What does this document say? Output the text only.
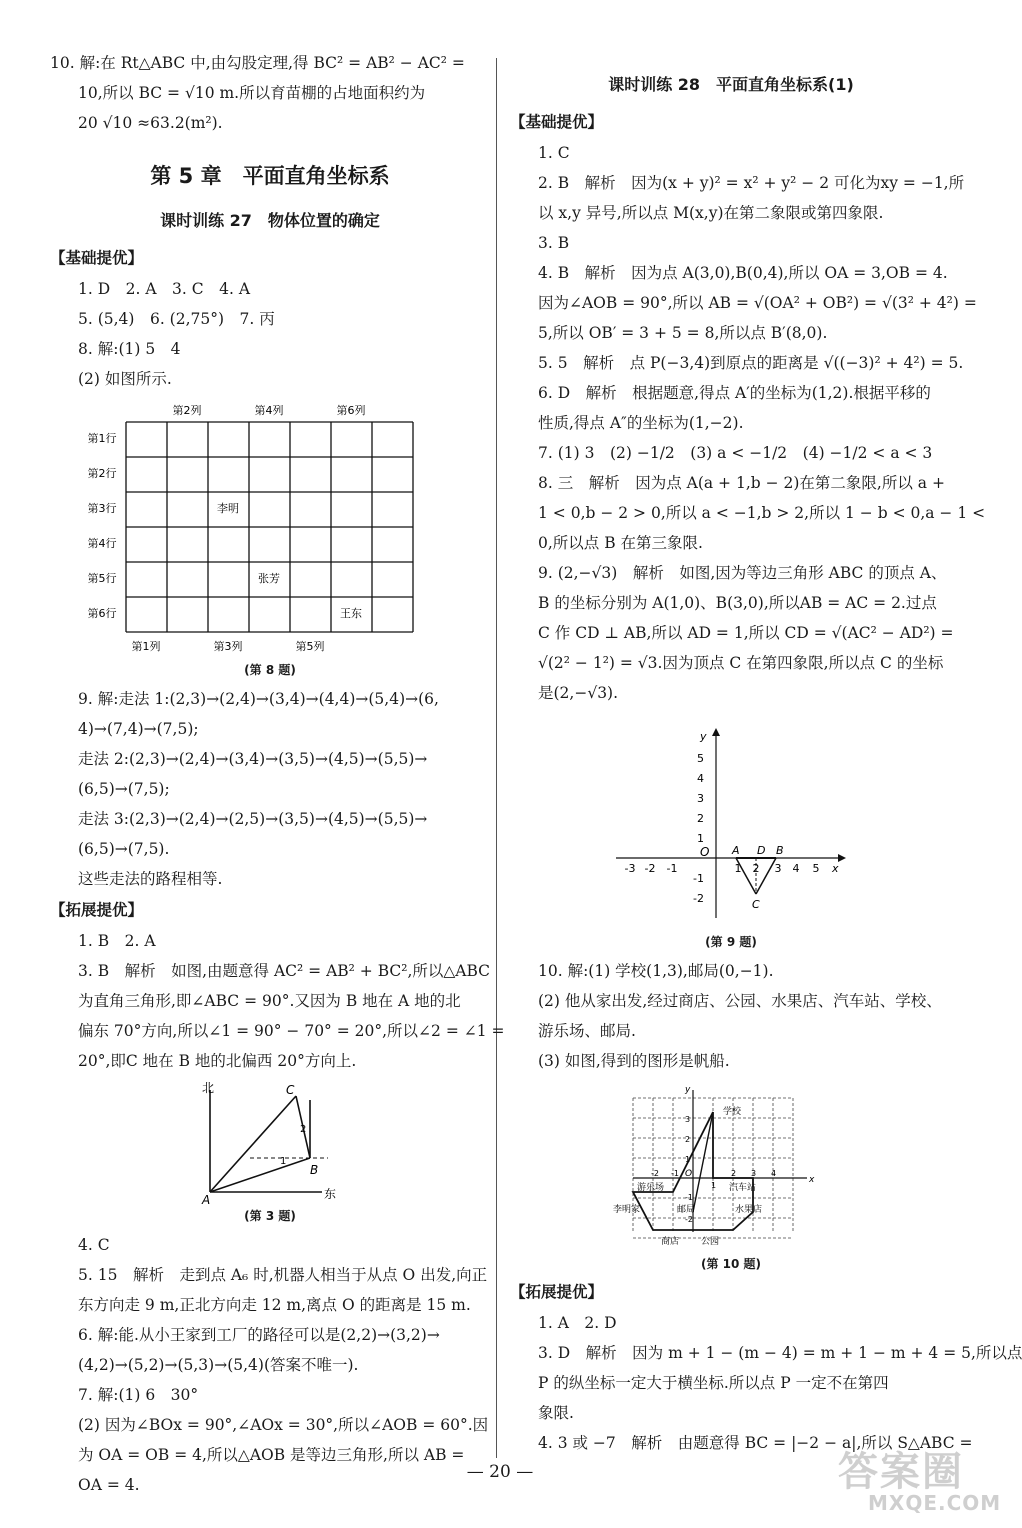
10. 解:在 Rt△ABC 中,由勾股定理,得 BC² = AB² − AC² =

10,所以 BC = √10 m.所以育苗棚的占地面积约为

20 √10 ≈63.2(m²).

第 5 章　平面直角坐标系
课时训练 27　物体位置的确定
【基础提优】

1. D　2. A　3. C　4. A

5. (5,4)　6. (2,75°)　7. 丙

8. 解:(1) 5　4

(2) 如图所示.

第2列	第4列	第6列
第1列	第3列	第5列
第1行
第2行
第3行
第4行
第5行
第6行
李明
张芳
王东
(第 8 题)

9. 解:走法 1:(2,3)→(2,4)→(3,4)→(4,4)→(5,4)→(6,

4)→(7,4)→(7,5);

走法 2:(2,3)→(2,4)→(3,4)→(3,5)→(4,5)→(5,5)→

(6,5)→(7,5);

走法 3:(2,3)→(2,4)→(2,5)→(3,5)→(4,5)→(5,5)→

(6,5)→(7,5).

这些走法的路程相等.

【拓展提优】

1. B　2. A

3. B　解析　如图,由题意得 AC² = AB² + BC²,所以△ABC

为直角三角形,即∠ABC = 90°.又因为 B 地在 A 地的北

偏东 70°方向,所以∠1 = 90° − 70° = 20°,所以∠2 = ∠1 =

20°,即C 地在 B 地的北偏西 20°方向上.

北
东
A
B
C
1
2
(第 3 题)

4. C

5. 15　解析　走到点 A₆ 时,机器人相当于从点 O 出发,向正

东方向走 9 m,正北方向走 12 m,离点 O 的距离是 15 m.

6. 解:能.从小王家到工厂的路径可以是(2,2)→(3,2)→

(4,2)→(5,2)→(5,3)→(5,4)(答案不唯一).

7. 解:(1) 6　30°

(2) 因为∠BOx = 90°,∠AOx = 30°,所以∠AOB = 60°.因

为 OA = OB = 4,所以△AOB 是等边三角形,所以 AB =

OA = 4.

课时训练 28　平面直角坐标系(1)
【基础提优】

1. C

2. B　解析　因为(x + y)² = x² + y² − 2 可化为xy = −1,所

以 x,y 异号,所以点 M(x,y)在第二象限或第四象限.

3. B

4. B　解析　因为点 A(3,0),B(0,4),所以 OA = 3,OB = 4.

因为∠AOB = 90°,所以 AB = √(OA² + OB²) = √(3² + 4²) =

5,所以 OB′ = 3 + 5 = 8,所以点 B′(8,0).

5. 5　解析　点 P(−3,4)到原点的距离是 √((−3)² + 4²) = 5.

6. D　解析　根据题意,得点 A′的坐标为(1,2).根据平移的

性质,得点 A″的坐标为(1,−2).

7. (1) 3　(2) −1/2　(3) a < −1/2　(4) −1/2 < a < 3

8. 三　解析　因为点 A(a + 1,b − 2)在第二象限,所以 a +

1 < 0,b − 2 > 0,所以 a < −1,b > 2,所以 1 − b < 0,a − 1 <

0,所以点 B 在第三象限.

9. (2,−√3)　解析　如图,因为等边三角形 ABC 的顶点 A、

B 的坐标分别为 A(1,0)、B(3,0),所以AB = AC = 2.过点

C 作 CD ⊥ AB,所以 AD = 1,所以 CD = √(AC² − AD²) =

√(2² − 1²) = √3.因为顶点 C 在第四象限,所以点 C 的坐标

是(2,−√3).

-3 -2 -1	2 3 4 5 x
5
4
3
2
1
-1
-2
y
O A D B
C
1
(第 9 题)

10. 解:(1) 学校(1,3),邮局(0,−1).

(2) 他从家出发,经过商店、公园、水果店、汽车站、学校、

游乐场、邮局.

(3) 如图,得到的图形是帆船.

学校
游乐场	汽车站
李明家	邮局	水果店
商店 公园
x
y
O
-2 -1
1
2 3 4
1
2
3
-1
-2
(第 10 题)
【拓展提优】

1. A　2. D

3. D　解析　因为 m + 1 − (m − 4) = m + 1 − m + 4 = 5,所以点

P 的纵坐标一定大于横坐标.所以点 P 一定不在第四

象限.

4. 3 或 −7　解析　由题意得 BC = |−2 − a|,所以 S△ABC =

— 20 —	答案圈
MXQE.COM
